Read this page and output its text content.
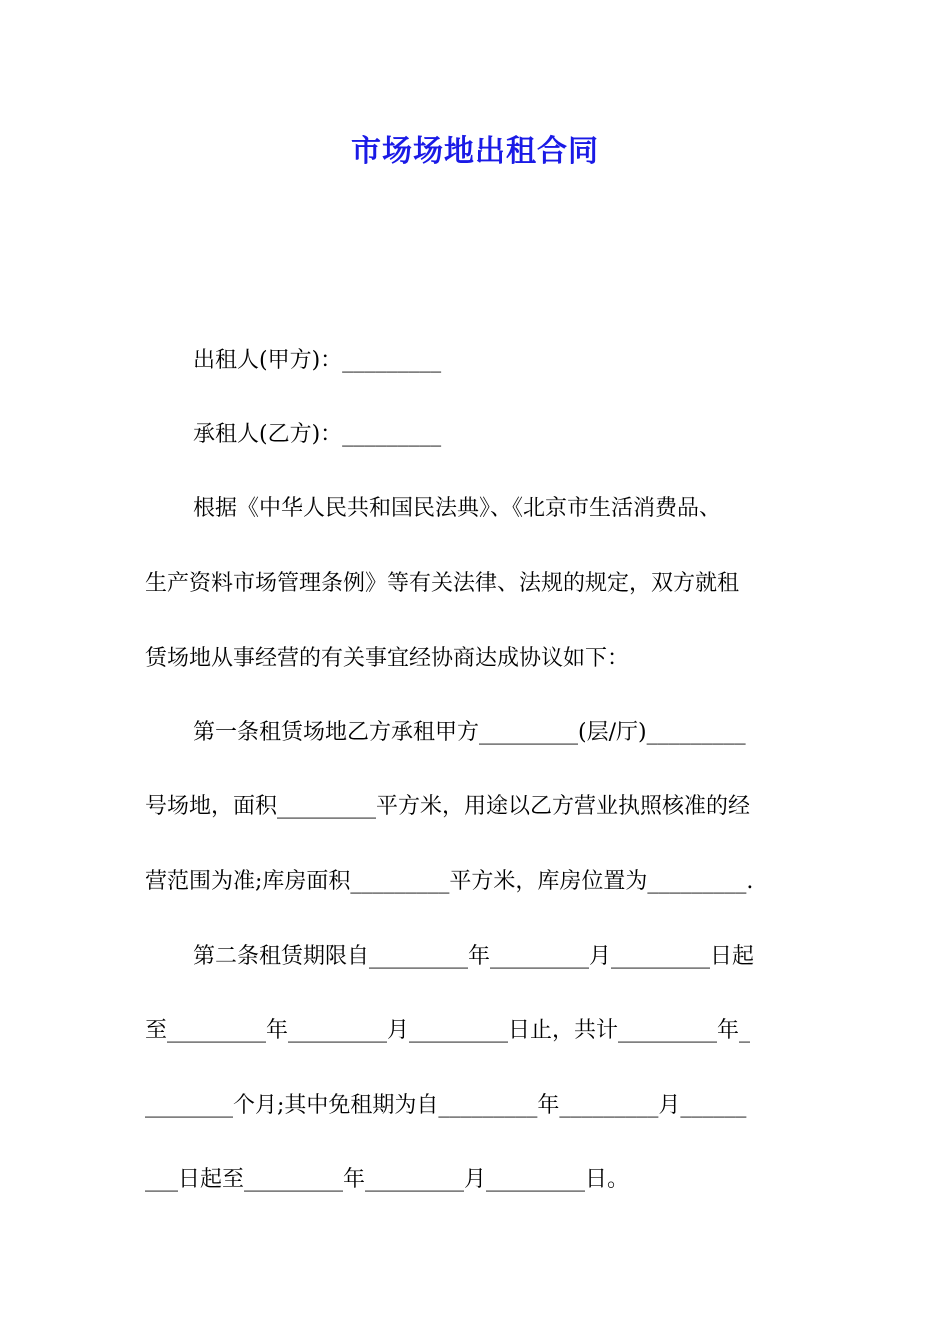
市场场地出租合同
出租人(甲方)：_________
承租人(乙方)：_________
根据《中华人民共和国民法典》、《北京市生活消费品、
生产资料市场管理条例》等有关法律、法规的规定，双方就租
赁场地从事经营的有关事宜经协商达成协议如下：
第一条租赁场地乙方承租甲方_________(层/厅)_________
号场地，面积_________平方米，用途以乙方营业执照核准的经
营范围为准;库房面积_________平方米，库房位置为_________.
第二条租赁期限自_________年_________月_________日起
至_________年_________月_________日止，共计_________年_
________个月;其中免租期为自_________年_________月______
___日起至_________年_________月_________日。
